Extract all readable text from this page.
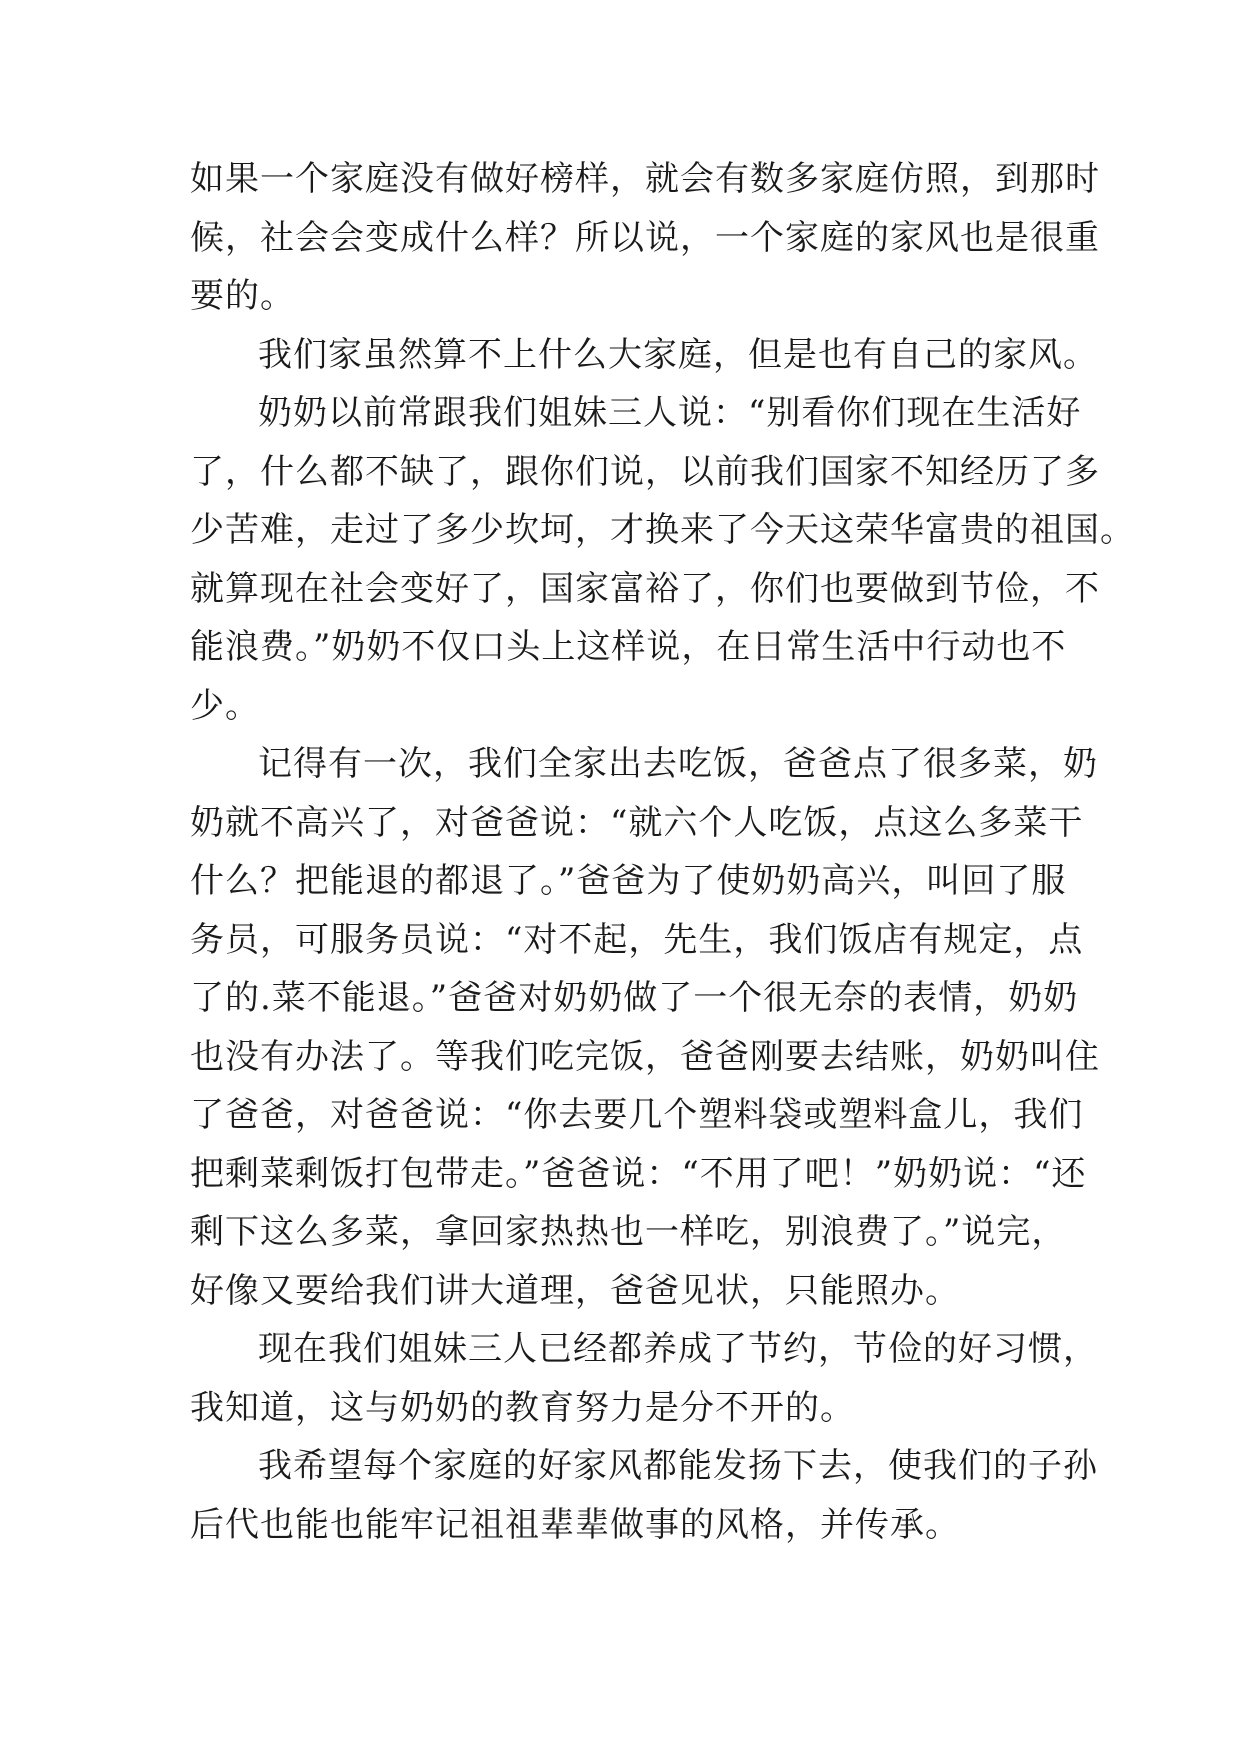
如果一个家庭没有做好榜样，就会有数多家庭仿照，到那时

候，社会会变成什么样？所以说，一个家庭的家风也是很重

要的。

我们家虽然算不上什么大家庭，但是也有自己的家风。

奶奶以前常跟我们姐妹三人说：“别看你们现在生活好

了，什么都不缺了，跟你们说，以前我们国家不知经历了多

少苦难，走过了多少坎坷，才换来了今天这荣华富贵的祖国。

就算现在社会变好了，国家富裕了，你们也要做到节俭，不

能浪费。”奶奶不仅口头上这样说，在日常生活中行动也不

少。

记得有一次，我们全家出去吃饭，爸爸点了很多菜，奶

奶就不高兴了，对爸爸说：“就六个人吃饭，点这么多菜干

什么？把能退的都退了。”爸爸为了使奶奶高兴，叫回了服

务员，可服务员说：“对不起，先生，我们饭店有规定，点

了的.菜不能退。”爸爸对奶奶做了一个很无奈的表情，奶奶

也没有办法了。等我们吃完饭，爸爸刚要去结账，奶奶叫住

了爸爸，对爸爸说：“你去要几个塑料袋或塑料盒儿，我们

把剩菜剩饭打包带走。”爸爸说：“不用了吧！”奶奶说：“还

剩下这么多菜，拿回家热热也一样吃，别浪费了。”说完，

好像又要给我们讲大道理，爸爸见状，只能照办。

现在我们姐妹三人已经都养成了节约，节俭的好习惯，

我知道，这与奶奶的教育努力是分不开的。

我希望每个家庭的好家风都能发扬下去，使我们的子孙

后代也能也能牢记祖祖辈辈做事的风格，并传承。
